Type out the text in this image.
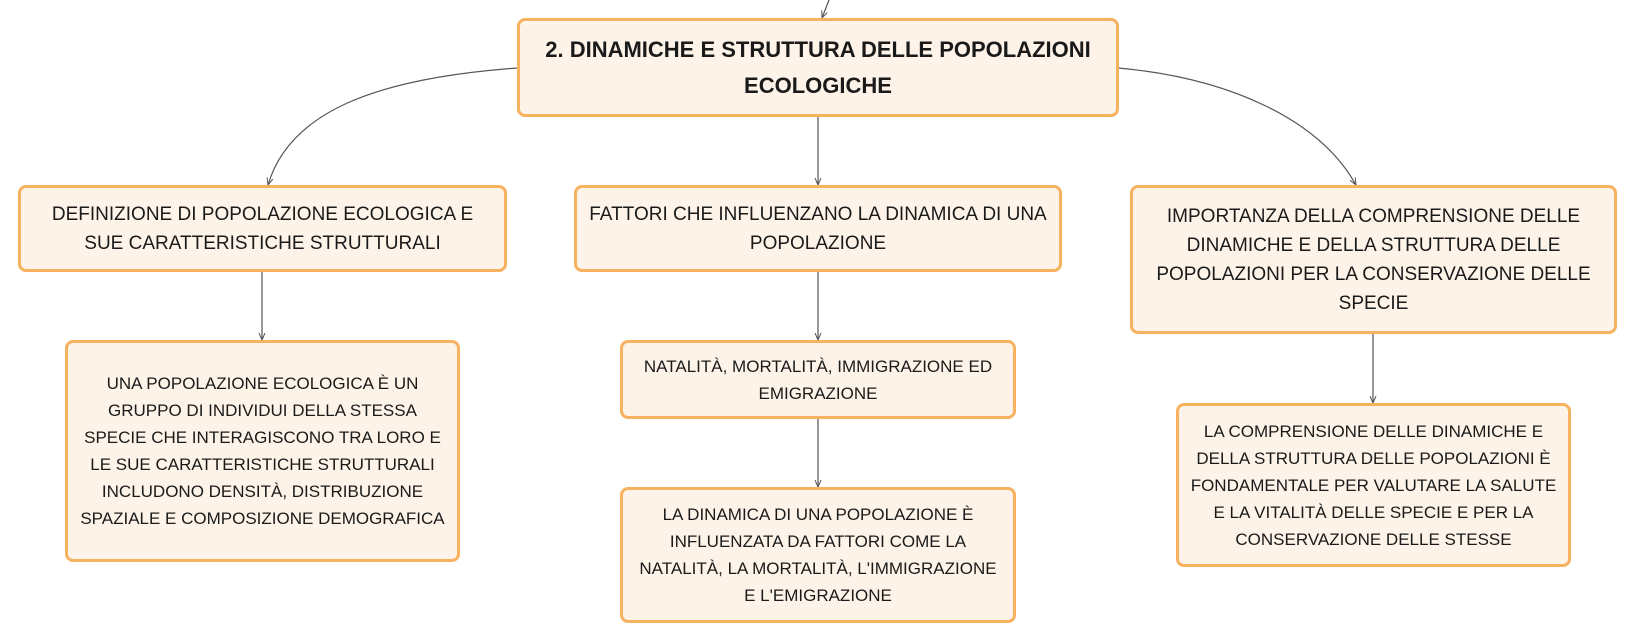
2. DINAMICHE E STRUTTURA DELLE POPOLAZIONI ECOLOGICHE
DEFINIZIONE DI POPOLAZIONE ECOLOGICA E SUE CARATTERISTICHE STRUTTURALI
FATTORI CHE INFLUENZANO LA DINAMICA DI UNA POPOLAZIONE
IMPORTANZA DELLA COMPRENSIONE DELLE DINAMICHE E DELLA STRUTTURA DELLE POPOLAZIONI PER LA CONSERVAZIONE DELLE SPECIE
UNA POPOLAZIONE ECOLOGICA È UN GRUPPO DI INDIVIDUI DELLA STESSA SPECIE CHE INTERAGISCONO TRA LORO E LE SUE CARATTERISTICHE STRUTTURALI INCLUDONO DENSITÀ, DISTRIBUZIONE SPAZIALE E COMPOSIZIONE DEMOGRAFICA
NATALITÀ, MORTALITÀ, IMMIGRAZIONE ED EMIGRAZIONE
LA DINAMICA DI UNA POPOLAZIONE È INFLUENZATA DA FATTORI COME LA NATALITÀ, LA MORTALITÀ, L'IMMIGRAZIONE E L'EMIGRAZIONE
LA COMPRENSIONE DELLE DINAMICHE E DELLA STRUTTURA DELLE POPOLAZIONI È FONDAMENTALE PER VALUTARE LA SALUTE E LA VITALITÀ DELLE SPECIE E PER LA CONSERVAZIONE DELLE STESSE
